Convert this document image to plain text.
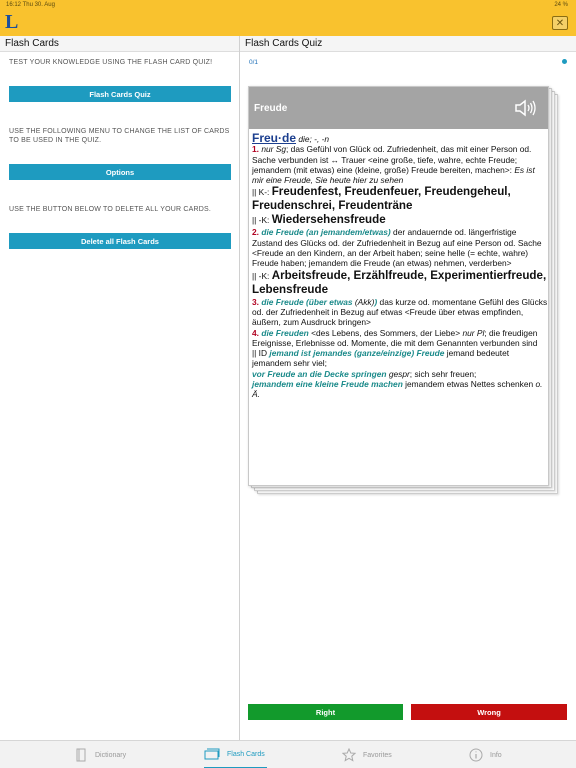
16:12 Thu 30. Aug	24 %
L	✕
Flash Cards	Flash Cards Quiz
TEST YOUR KNOWLEDGE USING THE FLASH CARD QUIZ!
Flash Cards Quiz
USE THE FOLLOWING MENU TO CHANGE THE LIST OF CARDS TO BE USED IN THE QUIZ.
Options
USE THE BUTTON BELOW TO DELETE ALL YOUR CARDS.
Delete all Flash Cards
0/1
Freude
Freu·de die; -, -n
1. nur Sg; das Gefühl von Glück od. Zufriedenheit, das mit einer Person od. Sache verbunden ist ↔ Trauer <eine große, tiefe, wahre, echte Freude; jemandem (mit etwas) eine (kleine, große) Freude bereiten, machen>: Es ist mir eine Freude, Sie heute hier zu sehen
|| K-: Freudenfest, Freudenfeuer, Freudengeheul, Freudenschrei, Freudenträne
|| -K: Wiedersehensfreude
2. die Freude (an jemandem/etwas) der andauernde od. längerfristige Zustand des Glücks od. der Zufriedenheit in Bezug auf eine Person od. Sache <Freude an den Kindern, an der Arbeit haben; seine helle (= echte, wahre) Freude haben; jemandem die Freude (an etwas) nehmen, verderben>
|| -K: Arbeitsfreude, Erzählfreude, Experimentierfreude, Lebensfreude
3. die Freude (über etwas (Akk)) das kurze od. momentane Gefühl des Glücks od. der Zufriedenheit in Bezug auf etwas <Freude über etwas empfinden, äußern, zum Ausdruck bringen>
4. die Freuden <des Lebens, des Sommers, der Liebe> nur Pl; die freudigen Ereignisse, Erlebnisse od. Momente, die mit dem Genannten verbunden sind
|| ID jemand ist jemandes (ganze/einzige) Freude jemand bedeutet jemandem sehr viel;
vor Freude an die Decke springen gespr; sich sehr freuen;
jemandem eine kleine Freude machen jemandem etwas Nettes schenken o. Ä.
Right	Wrong
Dictionary	Flash Cards	Favorites	Info
